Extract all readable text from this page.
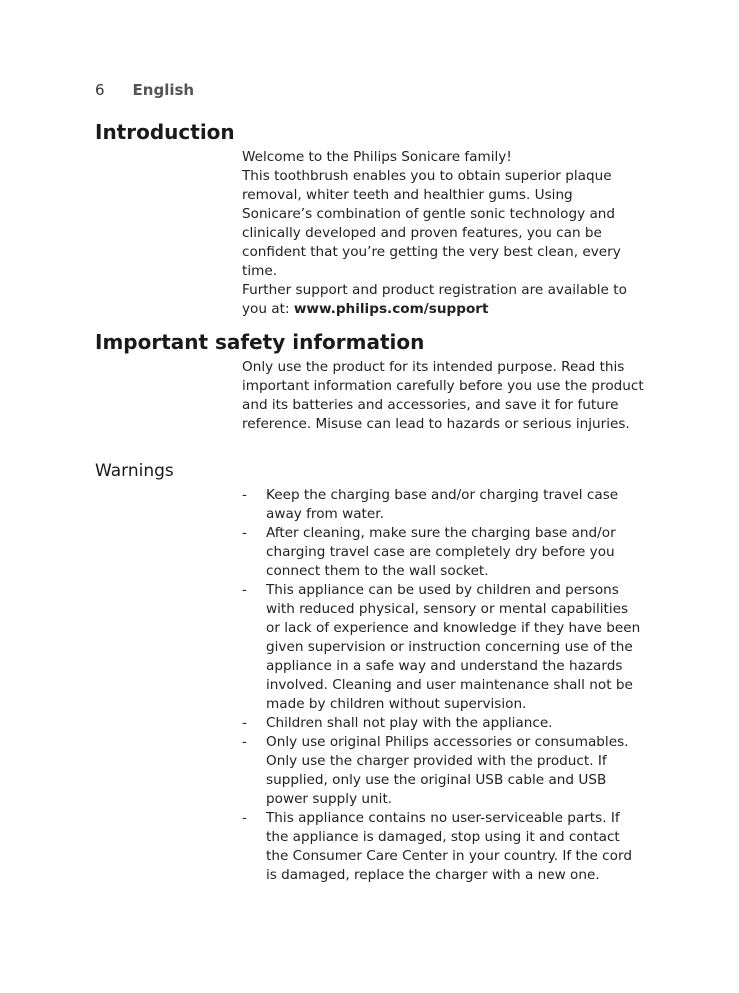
6 English
Introduction

Welcome to the Philips Sonicare family!

This toothbrush enables you to obtain superior plaque removal, whiter teeth and healthier gums. Using Sonicare’s combination of gentle sonic technology and clinically developed and proven features, you can be confident that you’re getting the very best clean, every time.

Further support and product registration are available to you at: www.philips.com/support

Important safety information

Only use the product for its intended purpose. Read this important information carefully before you use the product and its batteries and accessories, and save it for future reference. Misuse can lead to hazards or serious injuries.

Warnings
- Keep the charging base and/or charging travel case away from water.
- After cleaning, make sure the charging base and/or charging travel case are completely dry before you connect them to the wall socket.
- This appliance can be used by children and persons with reduced physical, sensory or mental capabilities or lack of experience and knowledge if they have been given supervision or instruction concerning use of the appliance in a safe way and understand the hazards involved. Cleaning and user maintenance shall not be made by children without supervision.
- Children shall not play with the appliance.
- Only use original Philips accessories or consumables. Only use the charger provided with the product. If supplied, only use the original USB cable and USB power supply unit.
- This appliance contains no user-serviceable parts. If the appliance is damaged, stop using it and contact the Consumer Care Center in your country. If the cord is damaged, replace the charger with a new one.
